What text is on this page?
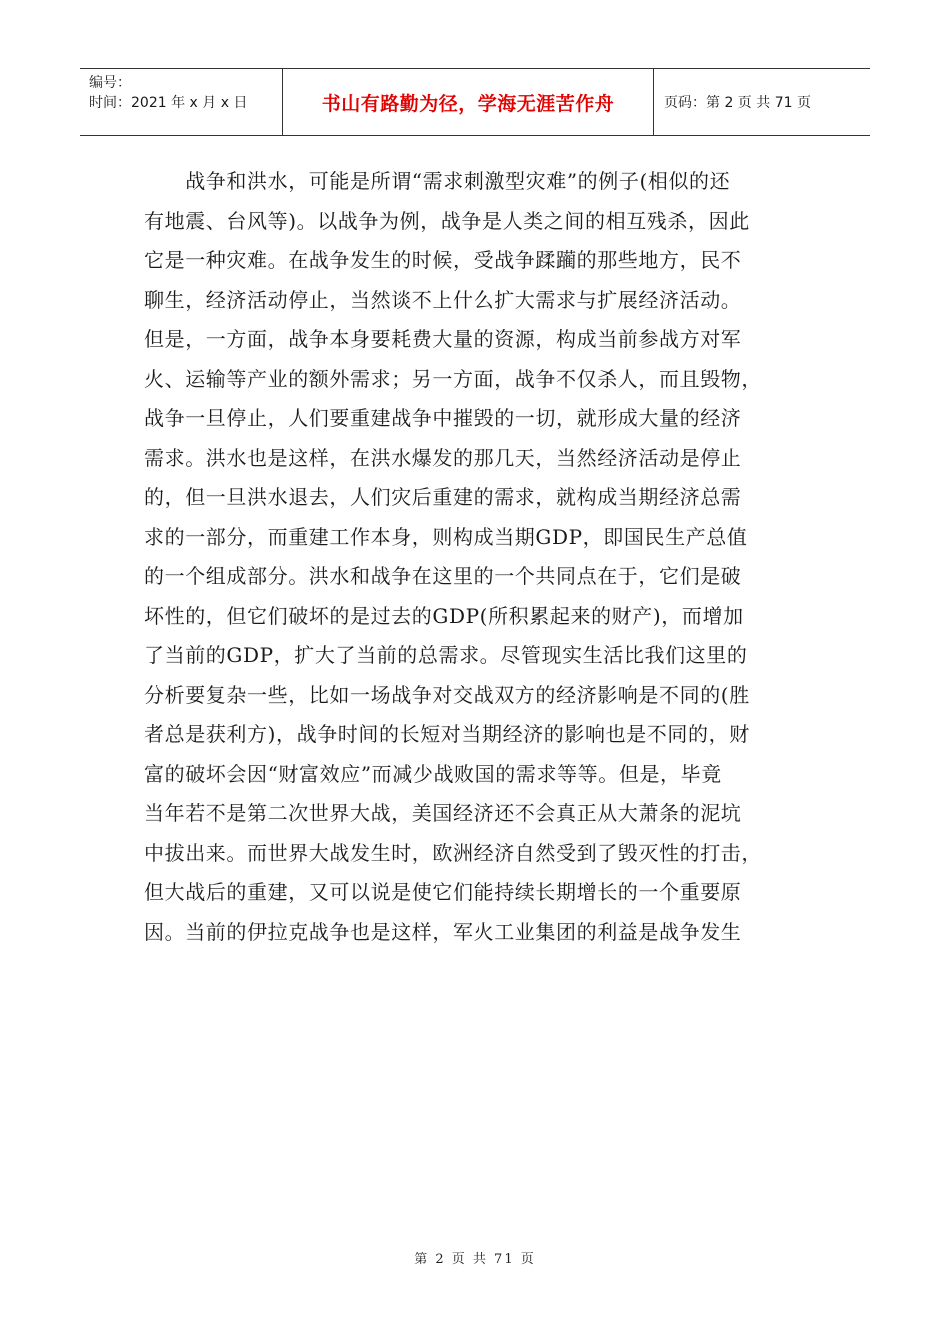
编号：
时间：2021 年 x 月 x 日	书山有路勤为径，学海无涯苦作舟	页码：第 2 页 共 71 页
　　战争和洪水，可能是所谓“需求刺激型灾难”的例子(相似的还
有地震、台风等)。以战争为例，战争是人类之间的相互残杀，因此
它是一种灾难。在战争发生的时候，受战争蹂躏的那些地方，民不
聊生，经济活动停止，当然谈不上什么扩大需求与扩展经济活动。
但是，一方面，战争本身要耗费大量的资源，构成当前参战方对军
火、运输等产业的额外需求；另一方面，战争不仅杀人，而且毁物，
战争一旦停止，人们要重建战争中摧毁的一切，就形成大量的经济
需求。洪水也是这样，在洪水爆发的那几天，当然经济活动是停止
的，但一旦洪水退去，人们灾后重建的需求，就构成当期经济总需
求的一部分，而重建工作本身，则构成当期GDP，即国民生产总值
的一个组成部分。洪水和战争在这里的一个共同点在于，它们是破
坏性的，但它们破坏的是过去的GDP(所积累起来的财产)，而增加
了当前的GDP，扩大了当前的总需求。尽管现实生活比我们这里的
分析要复杂一些，比如一场战争对交战双方的经济影响是不同的(胜
者总是获利方)，战争时间的长短对当期经济的影响也是不同的，财
富的破坏会因“财富效应”而减少战败国的需求等等。但是，毕竟
当年若不是第二次世界大战，美国经济还不会真正从大萧条的泥坑
中拔出来。而世界大战发生时，欧洲经济自然受到了毁灭性的打击，
但大战后的重建，又可以说是使它们能持续长期增长的一个重要原
因。当前的伊拉克战争也是这样，军火工业集团的利益是战争发生
第 2 页 共 71 页
